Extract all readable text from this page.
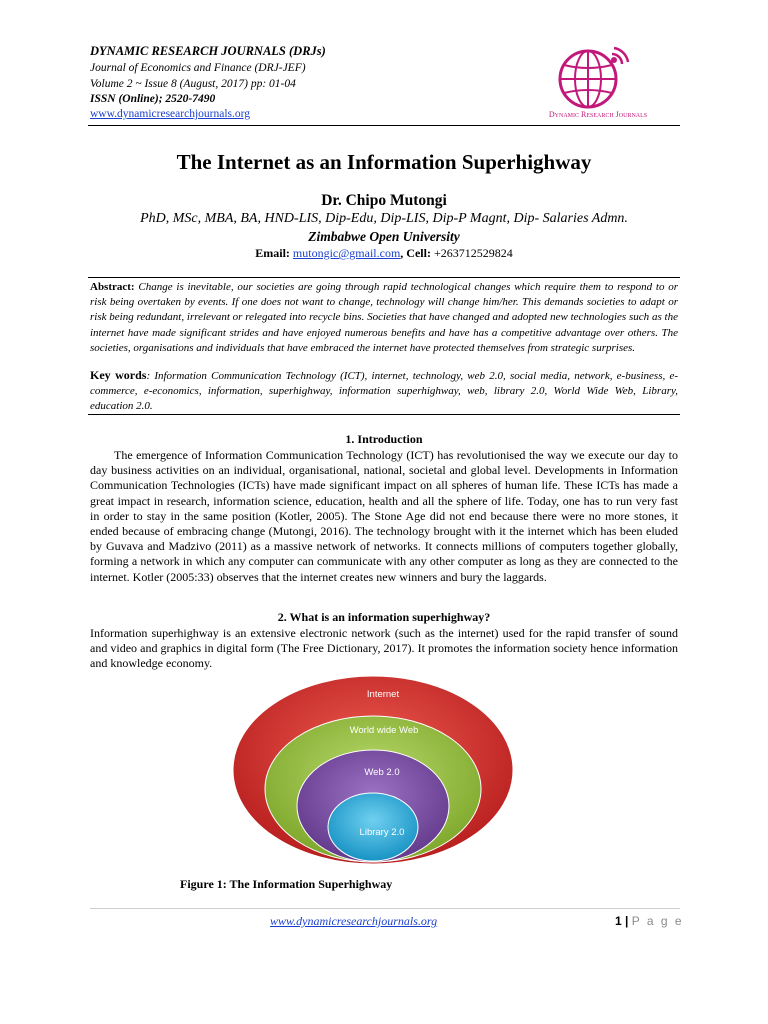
DYNAMIC RESEARCH JOURNALS (DRJs)
Journal of Economics and Finance (DRJ-JEF)
Volume 2 ~ Issue 8 (August, 2017) pp: 01-04
ISSN (Online); 2520-7490
www.dynamicresearchjournals.org	Dynamic Research Journals
The Internet as an Information Superhighway
Dr. Chipo Mutongi
PhD, MSc, MBA, BA, HND-LIS, Dip-Edu, Dip-LIS, Dip-P Magnt, Dip- Salaries Admn.
Zimbabwe Open University
Email: mutongic@gmail.com, Cell: +263712529824
Abstract: Change is inevitable, our societies are going through rapid technological changes which require them to respond to or risk being overtaken by events. If one does not want to change, technology will change him/her. This demands societies to adapt or risk being redundant, irrelevant or relegated into recycle bins. Societies that have changed and adopted new technologies such as the internet have made significant strides and have enjoyed numerous benefits and have has a competitive advantage over others. The societies, organisations and individuals that have embraced the internet have protected themselves from strategic surprises.
Key words: Information Communication Technology (ICT), internet, technology, web 2.0, social media, network, e-business, e-commerce, e-economics, information, superhighway, information superhighway, web, library 2.0, World Wide Web, Library, education 2.0.
1. Introduction
The emergence of Information Communication Technology (ICT) has revolutionised the way we execute our day to day business activities on an individual, organisational, national, societal and global level. Developments in Information Communication Technologies (ICTs) have made significant impact on all spheres of human life. These ICTs has made a great impact in research, information science, education, health and all the sphere of life. Today, one has to run very fast in order to stay in the same position (Kotler, 2005). The Stone Age did not end because there were no more stones, it ended because of embracing change (Mutongi, 2016). The technology brought with it the internet which has been eluded by Guvava and Madzivo (2011) as a massive network of networks. It connects millions of computers together globally, forming a network in which any computer can communicate with any other computer as long as they are connected to the internet. Kotler (2005:33) observes that the internet creates new winners and bury the laggards.
2. What is an information superhighway?
Information superhighway is an extensive electronic network (such as the internet) used for the rapid transfer of sound and video and graphics in digital form (The Free Dictionary, 2017). It promotes the information society hence information and knowledge economy.
Internet
World wide Web
Web 2.0
Library 2.0
Figure 1: The Information Superhighway
www.dynamicresearchjournals.org	1 | P a g e
